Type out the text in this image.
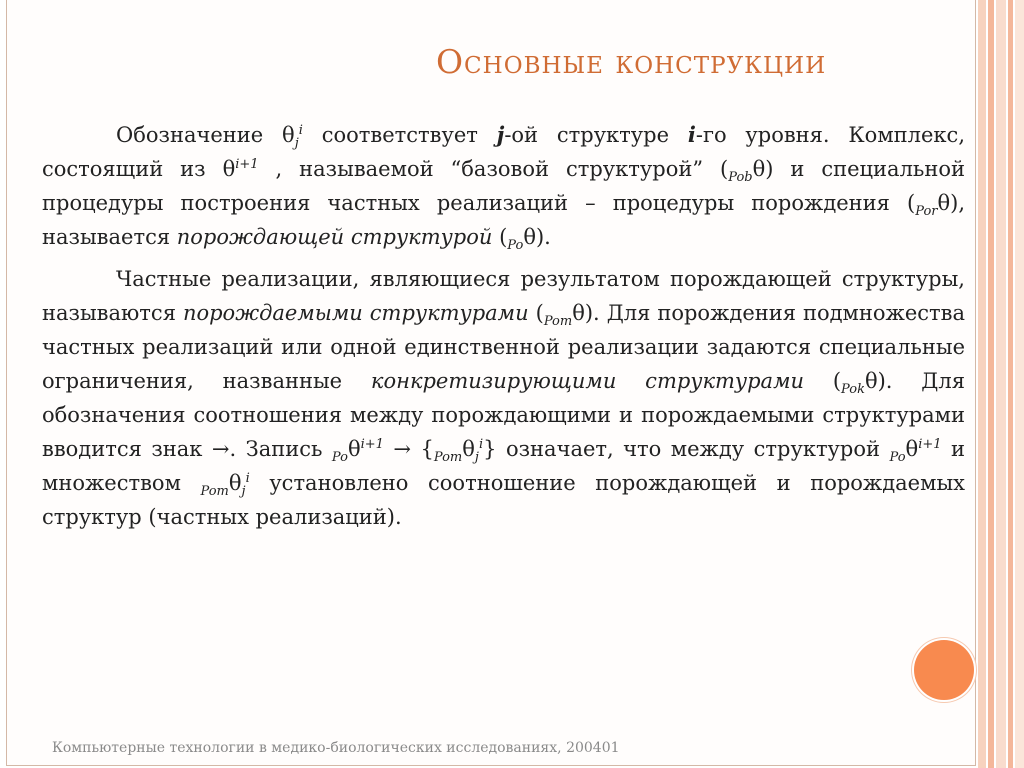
Основные конструкции

Обозначение $\theta_j^i$ соответствует j-ой структуре i-го уровня. Комплекс, состоящий из $\theta^{i+1}$ , называемой “базовой структурой” $(_{Pob}\theta)$ и специальной процедуры построения частных реализаций – процедуры порождения $(_{Por}\theta)$, называется порождающей структурой $(_{Po}\theta)$.

Частные реализации, являющиеся результатом порождающей структуры, называются порождаемыми структурами $(_{Pom}\theta)$. Для порождения подмножества частных реализаций или одной единственной реализации задаются специальные ограничения, названные конкретизирующими структурами $(_{Pok}\theta)$. Для обозначения соотношения между порождающими и порождаемыми структурами вводится знак →. Запись $_{Po}\theta^{i+1} \to \{_{Pom}\theta_j^i\}$ означает, что между структурой $_{Po}\theta^{i+1}$ и множеством $_{Pom}\theta_j^i$ установлено соотношение порождающей и порождаемых структур (частных реализаций).

Компьютерные технологии в медико-биологических исследованиях, 200401
